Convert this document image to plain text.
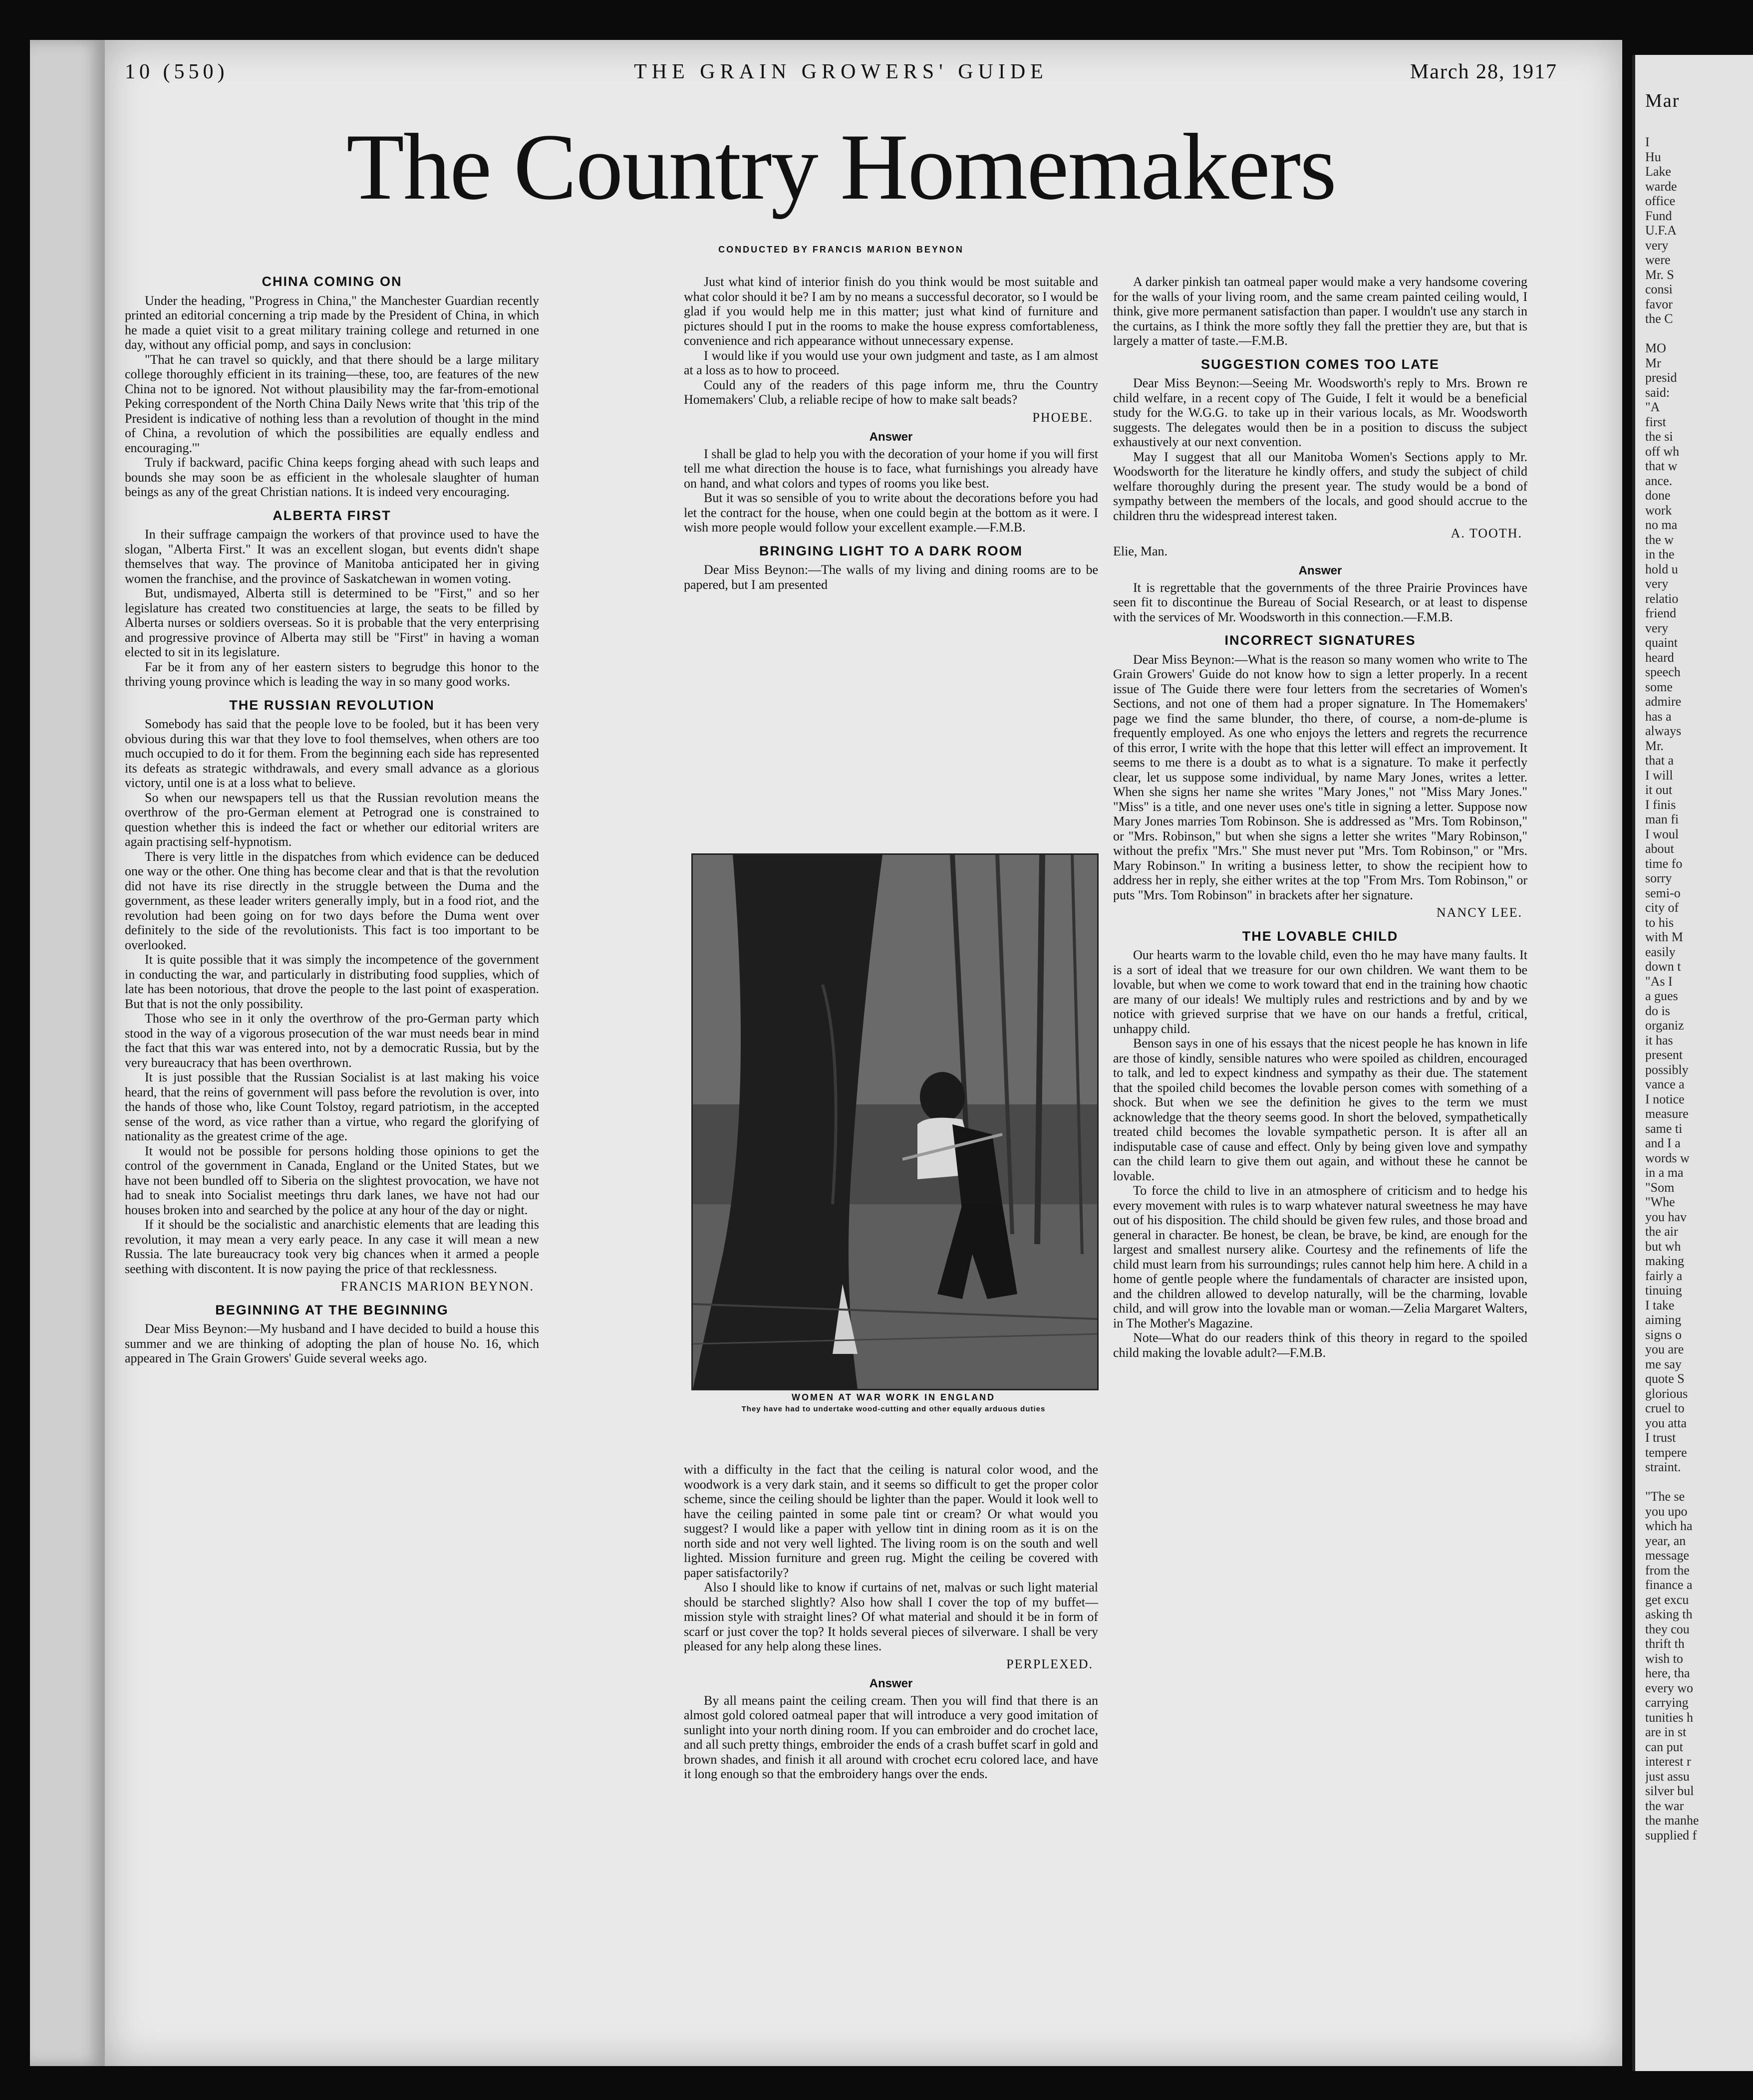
10 (550)	THE GRAIN GROWERS' GUIDE	March 28, 1917
The Country Homemakers
CONDUCTED BY FRANCIS MARION BEYNON
CHINA COMING ON

Under the heading, "Progress in China," the Manchester Guardian recently printed an editorial concerning a trip made by the President of China, in which he made a quiet visit to a great military training college and returned in one day, without any official pomp, and says in conclusion:

"That he can travel so quickly, and that there should be a large military college thoroughly efficient in its training—these, too, are features of the new China not to be ignored. Not without plausibility may the far-from-emotional Peking correspondent of the North China Daily News write that 'this trip of the President is indicative of nothing less than a revolution of thought in the mind of China, a revolution of which the possibilities are equally endless and encouraging.'"

Truly if backward, pacific China keeps forging ahead with such leaps and bounds she may soon be as efficient in the wholesale slaughter of human beings as any of the great Christian nations. It is indeed very encouraging.

ALBERTA FIRST

In their suffrage campaign the workers of that province used to have the slogan, "Alberta First." It was an excellent slogan, but events didn't shape themselves that way. The province of Manitoba anticipated her in giving women the franchise, and the province of Saskatchewan in women voting.

But, undismayed, Alberta still is determined to be "First," and so her legislature has created two constituencies at large, the seats to be filled by Alberta nurses or soldiers overseas. So it is probable that the very enterprising and progressive province of Alberta may still be "First" in having a woman elected to sit in its legislature.

Far be it from any of her eastern sisters to begrudge this honor to the thriving young province which is leading the way in so many good works.

THE RUSSIAN REVOLUTION

Somebody has said that the people love to be fooled, but it has been very obvious during this war that they love to fool themselves, when others are too much occupied to do it for them. From the beginning each side has represented its defeats as strategic withdrawals, and every small advance as a glorious victory, until one is at a loss what to believe.

So when our newspapers tell us that the Russian revolution means the overthrow of the pro-German element at Petrograd one is constrained to question whether this is indeed the fact or whether our editorial writers are again practising self-hypnotism.

There is very little in the dispatches from which evidence can be deduced one way or the other. One thing has become clear and that is that the revolution did not have its rise directly in the struggle between the Duma and the government, as these leader writers generally imply, but in a food riot, and the revolution had been going on for two days before the Duma went over definitely to the side of the revolutionists. This fact is too important to be overlooked.

It is quite possible that it was simply the incompetence of the government in conducting the war, and particularly in distributing food supplies, which of late has been notorious, that drove the people to the last point of exasperation. But that is not the only possibility.

Those who see in it only the overthrow of the pro-German party which stood in the way of a vigorous prosecution of the war must needs bear in mind the fact that this war was entered into, not by a democratic Russia, but by the very bureaucracy that has been overthrown.

It is just possible that the Russian Socialist is at last making his voice heard, that the reins of government will pass before the revolution is over, into the hands of those who, like Count Tolstoy, regard patriotism, in the accepted sense of the word, as vice rather than a virtue, who regard the glorifying of nationality as the greatest crime of the age.

It would not be possible for persons holding those opinions to get the control of the government in Canada, England or the United States, but we have not been bundled off to Siberia on the slightest provocation, we have not had to sneak into Socialist meetings thru dark lanes, we have not had our houses broken into and searched by the police at any hour of the day or night.

If it should be the socialistic and anarchistic elements that are leading this revolution, it may mean a very early peace. In any case it will mean a new Russia. The late bureaucracy took very big chances when it armed a people seething with discontent. It is now paying the price of that recklessness.

FRANCIS MARION BEYNON.

BEGINNING AT THE BEGINNING

Dear Miss Beynon:—My husband and I have decided to build a house this summer and we are thinking of adopting the plan of house No. 16, which appeared in The Grain Growers' Guide several weeks ago.

Just what kind of interior finish do you think would be most suitable and what color should it be? I am by no means a successful decorator, so I would be glad if you would help me in this matter; just what kind of furniture and pictures should I put in the rooms to make the house express comfortableness, convenience and rich appearance without unnecessary expense.

I would like if you would use your own judgment and taste, as I am almost at a loss as to how to proceed.

Could any of the readers of this page inform me, thru the Country Homemakers' Club, a reliable recipe of how to make salt beads?

PHOEBE.

Answer

I shall be glad to help you with the decoration of your home if you will first tell me what direction the house is to face, what furnishings you already have on hand, and what colors and types of rooms you like best.

But it was so sensible of you to write about the decorations before you had let the contract for the house, when one could begin at the bottom as it were. I wish more people would follow your excellent example.—F.M.B.

BRINGING LIGHT TO A DARK ROOM

Dear Miss Beynon:—The walls of my living and dining rooms are to be papered, but I am presented

WOMEN AT WAR WORK IN ENGLAND
They have had to undertake wood-cutting and other equally arduous duties

with a difficulty in the fact that the ceiling is natural color wood, and the woodwork is a very dark stain, and it seems so difficult to get the proper color scheme, since the ceiling should be lighter than the paper. Would it look well to have the ceiling painted in some pale tint or cream? Or what would you suggest? I would like a paper with yellow tint in dining room as it is on the north side and not very well lighted. The living room is on the south and well lighted. Mission furniture and green rug. Might the ceiling be covered with paper satisfactorily?

Also I should like to know if curtains of net, malvas or such light material should be starched slightly? Also how shall I cover the top of my buffet—mission style with straight lines? Of what material and should it be in form of scarf or just cover the top? It holds several pieces of silverware. I shall be very pleased for any help along these lines.

PERPLEXED.

Answer

By all means paint the ceiling cream. Then you will find that there is an almost gold colored oatmeal paper that will introduce a very good imitation of sunlight into your north dining room. If you can embroider and do crochet lace, and all such pretty things, embroider the ends of a crash buffet scarf in gold and brown shades, and finish it all around with crochet ecru colored lace, and have it long enough so that the embroidery hangs over the ends.

A darker pinkish tan oatmeal paper would make a very handsome covering for the walls of your living room, and the same cream painted ceiling would, I think, give more permanent satisfaction than paper. I wouldn't use any starch in the curtains, as I think the more softly they fall the prettier they are, but that is largely a matter of taste.—F.M.B.

SUGGESTION COMES TOO LATE

Dear Miss Beynon:—Seeing Mr. Woodsworth's reply to Mrs. Brown re child welfare, in a recent copy of The Guide, I felt it would be a beneficial study for the W.G.G. to take up in their various locals, as Mr. Woodsworth suggests. The delegates would then be in a position to discuss the subject exhaustively at our next convention.

May I suggest that all our Manitoba Women's Sections apply to Mr. Woodsworth for the literature he kindly offers, and study the subject of child welfare thoroughly during the present year. The study would be a bond of sympathy between the members of the locals, and good should accrue to the children thru the widespread interest taken.

A. TOOTH.

Elie, Man.

Answer

It is regrettable that the governments of the three Prairie Provinces have seen fit to discontinue the Bureau of Social Research, or at least to dispense with the services of Mr. Woodsworth in this connection.—F.M.B.

INCORRECT SIGNATURES

Dear Miss Beynon:—What is the reason so many women who write to The Grain Growers' Guide do not know how to sign a letter properly. In a recent issue of The Guide there were four letters from the secretaries of Women's Sections, and not one of them had a proper signature. In The Homemakers' page we find the same blunder, tho there, of course, a nom-de-plume is frequently employed. As one who enjoys the letters and regrets the recurrence of this error, I write with the hope that this letter will effect an improvement. It seems to me there is a doubt as to what is a signature. To make it perfectly clear, let us suppose some individual, by name Mary Jones, writes a letter. When she signs her name she writes "Mary Jones," not "Miss Mary Jones." "Miss" is a title, and one never uses one's title in signing a letter. Suppose now Mary Jones marries Tom Robinson. She is addressed as "Mrs. Tom Robinson," or "Mrs. Robinson," but when she signs a letter she writes "Mary Robinson," without the prefix "Mrs." She must never put "Mrs. Tom Robinson," or "Mrs. Mary Robinson." In writing a business letter, to show the recipient how to address her in reply, she either writes at the top "From Mrs. Tom Robinson," or puts "Mrs. Tom Robinson" in brackets after her signature.

NANCY LEE.

THE LOVABLE CHILD

Our hearts warm to the lovable child, even tho he may have many faults. It is a sort of ideal that we treasure for our own children. We want them to be lovable, but when we come to work toward that end in the training how chaotic are many of our ideals! We multiply rules and restrictions and by and by we notice with grieved surprise that we have on our hands a fretful, critical, unhappy child.

Benson says in one of his essays that the nicest people he has known in life are those of kindly, sensible natures who were spoiled as children, encouraged to talk, and led to expect kindness and sympathy as their due. The statement that the spoiled child becomes the lovable person comes with something of a shock. But when we see the definition he gives to the term we must acknowledge that the theory seems good. In short the beloved, sympathetically treated child becomes the lovable sympathetic person. It is after all an indisputable case of cause and effect. Only by being given love and sympathy can the child learn to give them out again, and without these he cannot be lovable.

To force the child to live in an atmosphere of criticism and to hedge his every movement with rules is to warp whatever natural sweetness he may have out of his disposition. The child should be given few rules, and those broad and general in character. Be honest, be clean, be brave, be kind, are enough for the largest and smallest nursery alike. Courtesy and the refinements of life the child must learn from his surroundings; rules cannot help him here. A child in a home of gentle people where the fundamentals of character are insisted upon, and the children allowed to develop naturally, will be the charming, lovable child, and will grow into the lovable man or woman.—Zelia Margaret Walters, in The Mother's Magazine.

Note—What do our readers think of this theory in regard to the spoiled child making the lovable adult?—F.M.B.

Mar
I
Hu
Lake
warde
office
Fund
U.F.A
very
were
Mr. S
consi
favor
the C

MO
Mr
presid
said:
"A
first
the si
off wh
that w
ance.
done
work
no ma
the w
in the
hold u
very
relatio
friend
very
quaint
heard
speech
some
admire
has a
always
Mr.
that a
I will
it out
I finis
man fi
I woul
about
time fo
sorry
semi-o
city of
to his
with M
easily
down t
"As I
a gues
do is
organiz
it has
present
possibly
vance a
I notice
measure
same ti
and I a
words w
in a ma
"Som
"Whe
you hav
the air
but wh
making
fairly a
tinuing
I take
aiming
signs o
you are
me say
quote S
glorious
cruel to
you atta
I trust
tempere
straint.

"The se
you upo
which ha
year, an
message
from the
finance a
get excu
asking th
they cou
thrift th
wish to
here, tha
every wo
carrying
tunities h
are in st
can put
interest r
just assu
silver bul
the war
the manhe
supplied f
